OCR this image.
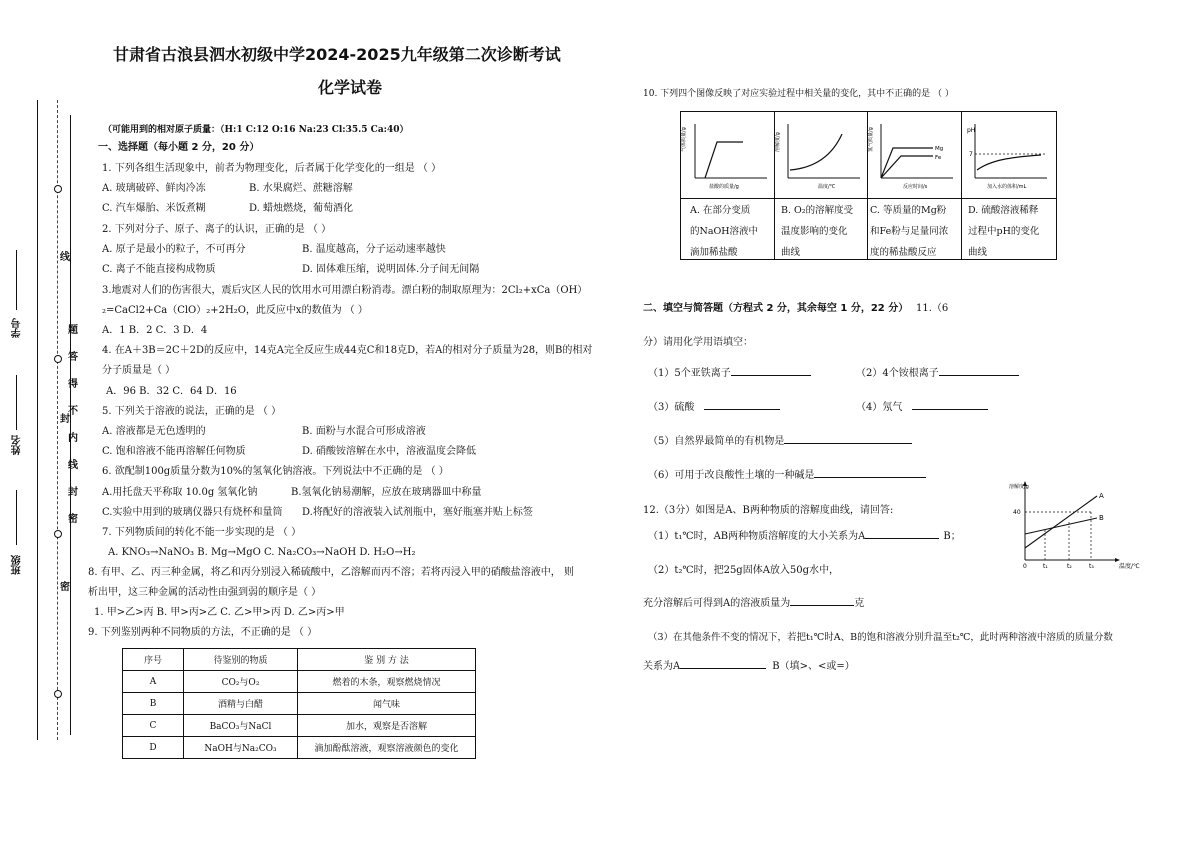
班级
姓名
学号
密
封
线
密
封
线
内
不
得
答
题
甘肃省古浪县泗水初级中学2024-2025九年级第二次诊断考试
化学试卷
（可能用到的相对原子质量：（H:1 C:12 O:16 Na:23 Cl:35.5 Ca:40）
一、选择题（每小题 2 分，20 分）
1. 下列各组生活现象中，前者为物理变化，后者属于化学变化的一组是 （ ）
A. 玻璃破碎、鲜肉冷冻	B. 水果腐烂、蔗糖溶解
C. 汽车爆胎、米饭煮糊	D. 蜡烛燃烧，葡萄酒化
2. 下列对分子、原子、离子的认识，正确的是 （ ）
A. 原子是最小的粒子，不可再分	B. 温度越高，分子运动速率越快
C. 离子不能直接构成物质	D. 固体难压缩，说明固体.分子间无间隔
3.地震对人们的伤害很大，震后灾区人民的饮用水可用漂白粉消毒。漂白粉的制取原理为：2Cl₂+xCa（OH）
₂=CaCl2+Ca（ClO）₂+2H₂O，此反应中x的数值为 （ ）
A．1 B．2 C．3 D．4
4. 在A＋3B＝2C＋2D的反应中，14克A完全反应生成44克C和18克D，若A的相对分子质量为28，则B的相对
分子质量是（ ）
A．96 B．32 C．64 D．16
5. 下列关于溶液的说法，正确的是 （ ）
A. 溶液都是无色透明的	B. 面粉与水混合可形成溶液
C. 饱和溶液不能再溶解任何物质	D. 硝酸铵溶解在水中，溶液温度会降低
6. 欲配制100g质量分数为10%的氢氧化钠溶液。下列说法中不正确的是 （ ）
A.用托盘天平称取 10.0g 氢氧化钠	B.氢氧化钠易潮解，应放在玻璃器皿中称量
C.实验中用到的玻璃仪器只有烧杯和量筒 D.将配好的溶液装入试剂瓶中，塞好瓶塞并贴上标签
7. 下列物质间的转化不能一步实现的是 （ ）
A. KNO₃→NaNO₃ B. Mg→MgO C. Na₂CO₃→NaOH D. H₂O→H₂
8. 有甲、乙、丙三种金属，将乙和丙分别浸入稀硫酸中，乙溶解而丙不溶；若将丙浸入甲的硝酸盐溶液中， 则
析出甲，这三种金属的活动性由强到弱的顺序是（ ）
1. 甲>乙>丙 B. 甲>丙>乙 C. 乙>甲>丙 D. 乙>丙>甲
9. 下列鉴别两种不同物质的方法，不正确的是 （ ）
序号	待鉴别的物质	鉴 别 方 法
A	CO₂与O₂	燃着的木条，观察燃烧情况
B	酒精与白醋	闻气味
C	BaCO₃与NaCl	加水，观察是否溶解
D	NaOH与Na₂CO₃	滴加酚酞溶液，观察溶液颜色的变化
10. 下列四个图像反映了对应实验过程中相关量的变化，其中不正确的是 （ ）
气体质量/g
盐酸的质量/g
溶解度/g
温度/℃
Mg
Fe
氢气质量/g
反应时间/s
pH
7
加入水的体积/mL
A. 在部分变质
的NaOH溶液中
滴加稀盐酸
B. O₂的溶解度受
温度影响的变化
曲线
C. 等质量的Mg粉
和Fe粉与足量同浓
度的稀盐酸反应
D. 硫酸溶液稀释
过程中pH的变化
曲线
二、填空与简答题（方程式 2 分，其余每空 1 分，22 分） 11.（6
分）请用化学用语填空：
（1）5个亚铁离子	（2）4个铵根离子
（3）硫酸	（4）氖气
（5）自然界最简单的有机物是
（6）可用于改良酸性土壤的一种碱是
12.（3分）如图是A、B两种物质的溶解度曲线，请回答:
（1）t₁℃时，AB两种物质溶解度的大小关系为A	B；
（2）t₂℃时，把25g固体A放入50g水中，
充分溶解后可得到A的溶液质量为	克
（3）在其他条件不变的情况下，若把t₁℃时A、B的饱和溶液分别升温至t₂℃，此时两种溶液中溶质的质量分数
关系为A	B（填>、<或=）
A
B
40
溶解度/g
0	t₁	t₂	t₃	温度/℃
